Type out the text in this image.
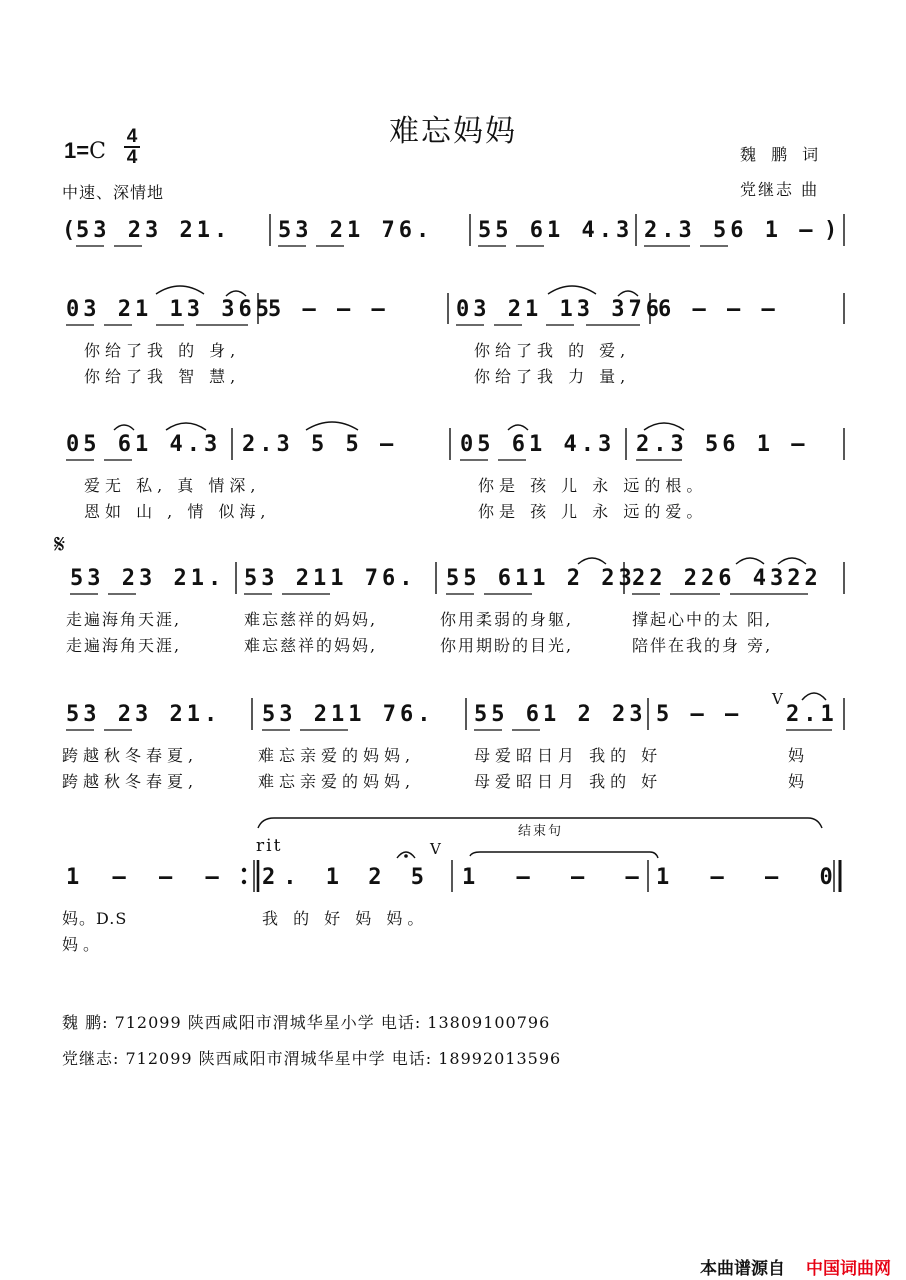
难忘妈妈
1=C
4
4
中速、深情地
魏 鹏 词
党继志 曲
(
53 23 21. 53 21 76. 55 61 4.3 2.3 56 1 – )
03 21 13 365
5 – – –	03 21 13 376
6 – – –
你给了我 的 身,	你给了我 的 爱,
你给了我 智 慧,	你给了我 力 量,
05 61 4.3 2.3 5 5 –	05 61 4.3 2.3 56 1 –
爱无 私, 真 情深,	你是 孩 儿 永 远的根。
恩如 山 , 情 似海,	你是 孩 儿 永 远的爱。
𝄋
53 23 21. 53 211 76. 55 611 2 23
22 226 4322
走遍海角天涯,	难忘慈祥的妈妈,	你用柔弱的身躯,	撑起心中的太 阳,
走遍海角天涯,	难忘慈祥的妈妈,	你用期盼的目光,	陪伴在我的身 旁,
53 23 21. 53 211 76. 55 61 2 23 5 – –
V
2.1
跨越秋冬春夏,	难忘亲爱的妈妈,	母爱昭日月 我的 好	妈
跨越秋冬春夏,	难忘亲爱的妈妈,	母爱昭日月 我的 好	妈
结束句
rit	V
1 – – – 2. 1 2 5 1 – – – 1 – – 0
妈。D.S	我 的 好 妈 妈。
妈。
魏 鹏: 712099 陕西咸阳市渭城华星小学 电话: 13809100796
党继志: 712099 陕西咸阳市渭城华星中学 电话: 18992013596
本曲谱源自 中国词曲网
